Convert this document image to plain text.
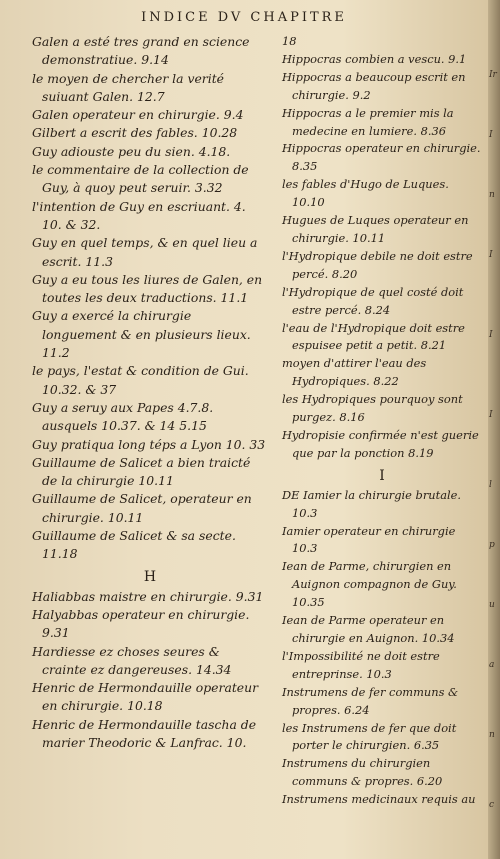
INDICE DV CHAPITRE

Galen a esté tres grand en science demonstratiue. 9.14

le moyen de chercher la verité suiuant Galen. 12.7

Galen operateur en chirurgie. 9.4

Gilbert a escrit des fables. 10.28

Guy adiouste peu du sien. 4.18.

le commentaire de la collection de Guy, à quoy peut seruir. 3.32

l'intention de Guy en escriuant. 4. 10. & 32.

Guy en quel temps, & en quel lieu a escrit. 11.3

Guy a eu tous les liures de Galen, en toutes les deux traductions. 11.1

Guy a exercé la chirurgie longuement & en plusieurs lieux. 11.2

le pays, l'estat & condition de Gui. 10.32. & 37

Guy a seruy aux Papes 4.7.8. ausquels 10.37. & 14 5.15

Guy pratiqua long téps a Lyon 10. 33

Guillaume de Salicet a bien traicté de la chirurgie 10.11

Guillaume de Salicet, operateur en chirurgie. 10.11

Guillaume de Salicet & sa secte. 11.18

H

Haliabbas maistre en chirurgie. 9.31

Halyabbas operateur en chirurgie. 9.31

Hardiesse ez choses seures & crainte ez dangereuses. 14.34

Henric de Hermondauille operateur en chirurgie. 10.18

Henric de Hermondauille tascha de marier Theodoric & Lanfrac. 10.

18

Hippocras combien a vescu. 9.1

Hippocras a beaucoup escrit en chirurgie. 9.2

Hippocras a le premier mis la medecine en lumiere. 8.36

Hippocras operateur en chirurgie. 8.35

les fables d'Hugo de Luques. 10.10

Hugues de Luques operateur en chirurgie. 10.11

l'Hydropique debile ne doit estre percé. 8.20

l'Hydropique de quel costé doit estre percé. 8.24

l'eau de l'Hydropique doit estre espuisee petit a petit. 8.21

moyen d'attirer l'eau des Hydropiques. 8.22

les Hydropiques pourquoy sont purgez. 8.16

Hydropisie confirmée n'est guerie que par la ponction 8.19

I

DE Iamier la chirurgie brutale. 10.3

Iamier operateur en chirurgie 10.3

Iean de Parme, chirurgien en Auignon compagnon de Guy. 10.35

Iean de Parme operateur en chirurgie en Auignon. 10.34

l'Impossibilité ne doit estre entreprinse. 10.3

Instrumens de fer communs & propres. 6.24

les Instrumens de fer que doit porter le chirurgien. 6.35

Instrumens du chirurgien communs & propres. 6.20

Instrumens medicinaux requis au

Ir
I
n
I
I
I
l
p
u
a
n
c
